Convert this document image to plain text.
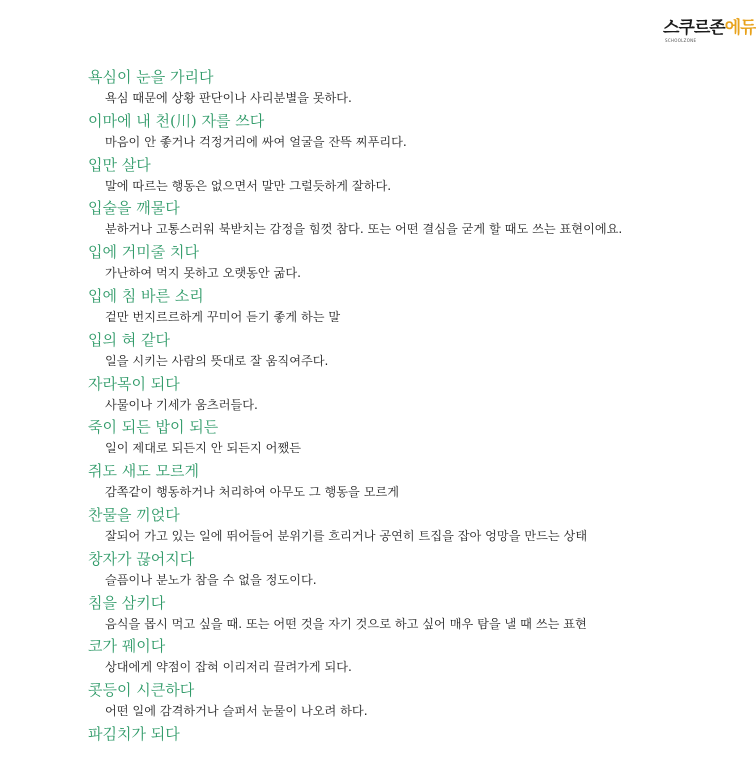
스쿠르존에듀
SCHOOLZONE
욕심이 눈을 가리다
욕심 때문에 상황 판단이나 사리분별을 못하다.
이마에 내 천(川) 자를 쓰다
마음이 안 좋거나 걱정거리에 싸여 얼굴을 잔뜩 찌푸리다.
입만 살다
말에 따르는 행동은 없으면서 말만 그럴듯하게 잘하다.
입술을 깨물다
분하거나 고통스러워 북받치는 감정을 힘껏 참다. 또는 어떤 결심을 굳게 할 때도 쓰는 표현이에요.
입에 거미줄 치다
가난하여 먹지 못하고 오랫동안 굶다.
입에 침 바른 소리
겉만 번지르르하게 꾸미어 듣기 좋게 하는 말
입의 혀 같다
일을 시키는 사람의 뜻대로 잘 움직여주다.
자라목이 되다
사물이나 기세가 움츠러들다.
죽이 되든 밥이 되든
일이 제대로 되든지 안 되든지 어쨌든
쥐도 새도 모르게
감쪽같이 행동하거나 처리하여 아무도 그 행동을 모르게
찬물을 끼얹다
잘되어 가고 있는 일에 뛰어들어 분위기를 흐리거나 공연히 트집을 잡아 엉망을 만드는 상태
창자가 끊어지다
슬픔이나 분노가 참을 수 없을 정도이다.
침을 삼키다
음식을 몹시 먹고 싶을 때. 또는 어떤 것을 자기 것으로 하고 싶어 매우 탐을 낼 때 쓰는 표현
코가 꿰이다
상대에게 약점이 잡혀 이리저리 끌려가게 되다.
콧등이 시큰하다
어떤 일에 감격하거나 슬퍼서 눈물이 나오려 하다.
파김치가 되다
